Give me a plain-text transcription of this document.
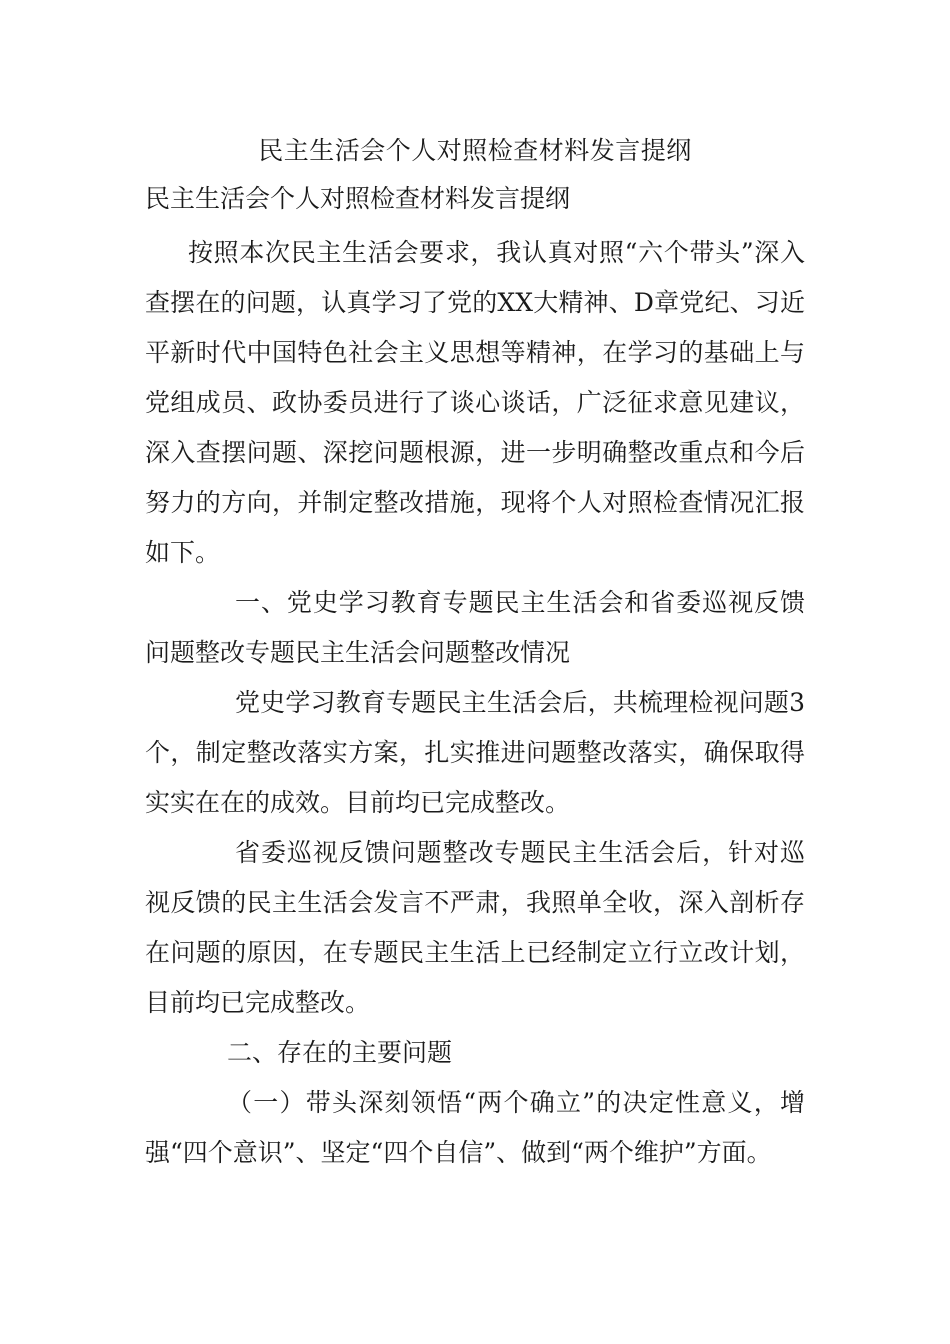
民主生活会个人对照检查材料发言提纲
民主生活会个人对照检查材料发言提纲

按照本次民主生活会要求，我认真对照“六个带头”深入查摆在的问题，认真学习了党的XX大精神、D章党纪、习近平新时代中国特色社会主义思想等精神，在学习的基础上与党组成员、政协委员进行了谈心谈话，广泛征求意见建议，深入查摆问题、深挖问题根源，进一步明确整改重点和今后努力的方向，并制定整改措施，现将个人对照检查情况汇报如下。

一、党史学习教育专题民主生活会和省委巡视反馈问题整改专题民主生活会问题整改情况

党史学习教育专题民主生活会后，共梳理检视问题3个，制定整改落实方案，扎实推进问题整改落实，确保取得实实在在的成效。目前均已完成整改。

省委巡视反馈问题整改专题民主生活会后，针对巡视反馈的民主生活会发言不严肃，我照单全收，深入剖析存在问题的原因，在专题民主生活上已经制定立行立改计划，目前均已完成整改。

二、存在的主要问题

（一）带头深刻领悟“两个确立”的决定性意义，增强“四个意识”、坚定“四个自信”、做到“两个维护”方面。
